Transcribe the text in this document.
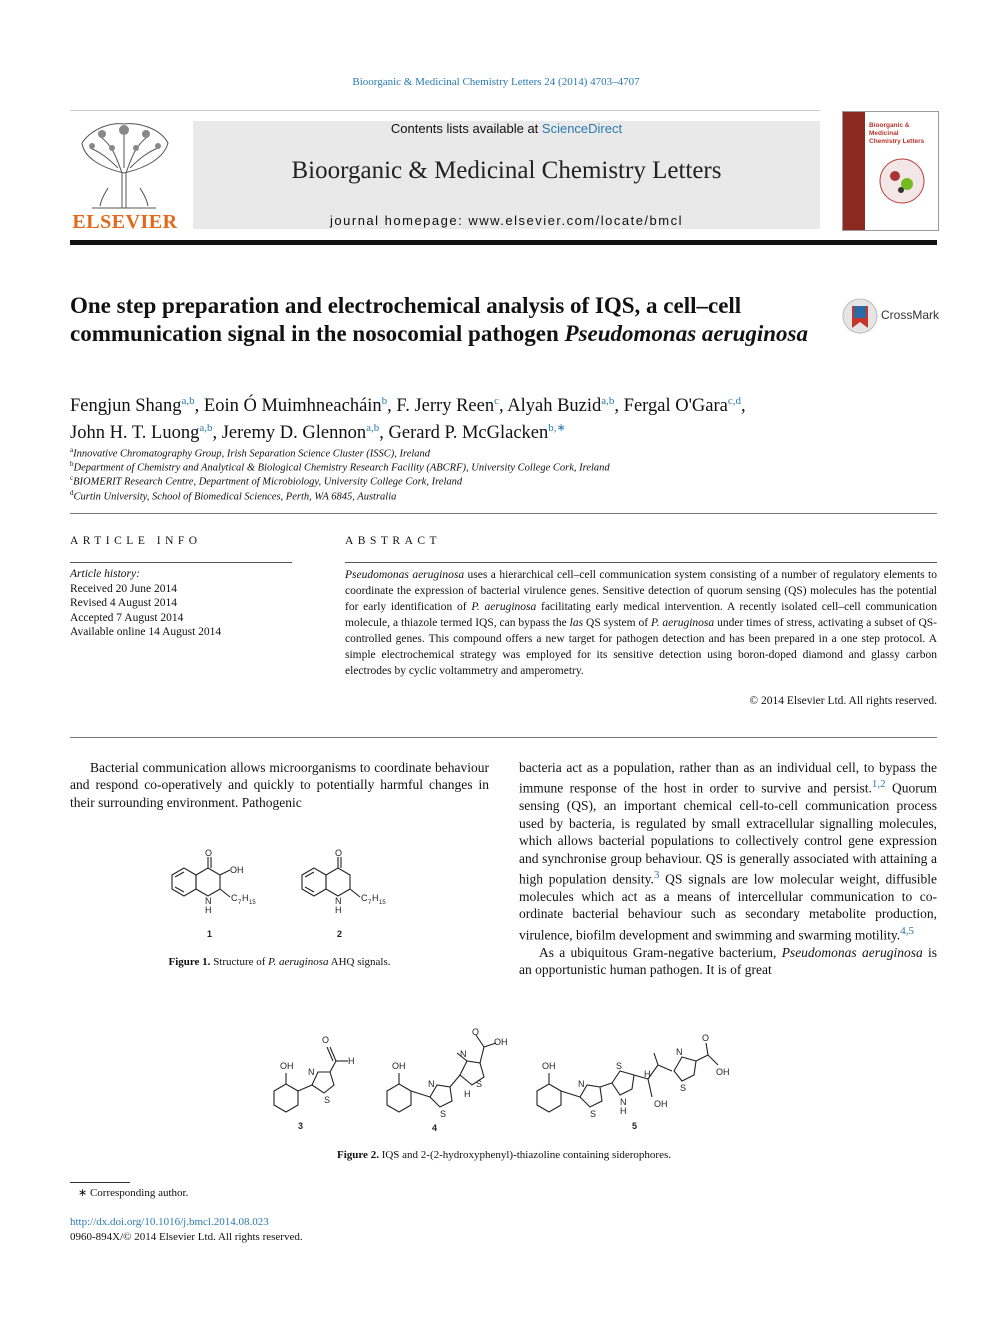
Bioorganic & Medicinal Chemistry Letters 24 (2014) 4703–4707
ELSEVIER
Contents lists available at ScienceDirect
Bioorganic & Medicinal Chemistry Letters
journal homepage: www.elsevier.com/locate/bmcl
Bioorganic & Medicinal
Chemistry Letters
One step preparation and electrochemical analysis of IQS, a cell–cell communication signal in the nosocomial pathogen Pseudomonas aeruginosa
CrossMark
Fengjun Shang$^{a,b}$, Eoin Ó Muimhneacháin$^b$, F. Jerry Reen$^c$, Alyah Buzid$^{a,b}$, Fergal O'Gara$^{c,d}$,
John H. T. Luong$^{a,b}$, Jeremy D. Glennon$^{a,b}$, Gerard P. McGlacken$^{b,∗}$
$^a$Innovative Chromatography Group, Irish Separation Science Cluster (ISSC), Ireland
$^b$Department of Chemistry and Analytical & Biological Chemistry Research Facility (ABCRF), University College Cork, Ireland
$^c$BIOMERIT Research Centre, Department of Microbiology, University College Cork, Ireland
$^d$Curtin University, School of Biomedical Sciences, Perth, WA 6845, Australia
ARTICLE INFO
Article history:
Received 20 June 2014
Revised 4 August 2014
Accepted 7 August 2014
Available online 14 August 2014
ABSTRACT
Pseudomonas aeruginosa uses a hierarchical cell–cell communication system consisting of a number of regulatory elements to coordinate the expression of bacterial virulence genes. Sensitive detection of quorum sensing (QS) molecules has the potential for early identification of P. aeruginosa facilitating early medical intervention. A recently isolated cell–cell communication molecule, a thiazole termed IQS, can bypass the las QS system of P. aeruginosa under times of stress, activating a subset of QS-controlled genes. This compound offers a new target for pathogen detection and has been prepared in a one step protocol. A simple electrochemical strategy was employed for its sensitive detection using boron-doped diamond and glassy carbon electrodes by cyclic voltammetry and amperometry.
© 2014 Elsevier Ltd. All rights reserved.
Bacterial communication allows microorganisms to coordinate behaviour and respond co-operatively and quickly to potentially harmful changes in their surrounding environment. Pathogenic
O
OH
N
H
C 7 H 15
O
N
H
C 7 H 15
1	2
Figure 1. Structure of P. aeruginosa AHQ signals.
bacteria act as a population, rather than as an individual cell, to bypass the immune response of the host in order to survive and persist.$^{1,2}$ Quorum sensing (QS), an important chemical cell-to-cell communication process used by bacteria, is regulated by small extracellular signalling molecules, which allows bacterial populations to collectively control gene expression and synchronise group behaviour. QS is generally associated with attaining a high population density.$^3$ QS signals are low molecular weight, diffusible molecules which act as a means of intercellular communication to co-ordinate bacterial behaviour such as secondary metabolite production, virulence, biofilm development and swimming and swarming motility.$^{4,5}$
As a ubiquitous Gram-negative bacterium, Pseudomonas aeruginosa is an opportunistic human pathogen. It is of great
OH
N
S
O
H	OH
N
S
N
S
H
O
OH
OH
N
S
S
N
H
H
OH
N
S
O
OH
3	4	5
Figure 2. IQS and 2-(2-hydroxyphenyl)-thiazoline containing siderophores.
∗ Corresponding author.
http://dx.doi.org/10.1016/j.bmcl.2014.08.023
0960-894X/© 2014 Elsevier Ltd. All rights reserved.
